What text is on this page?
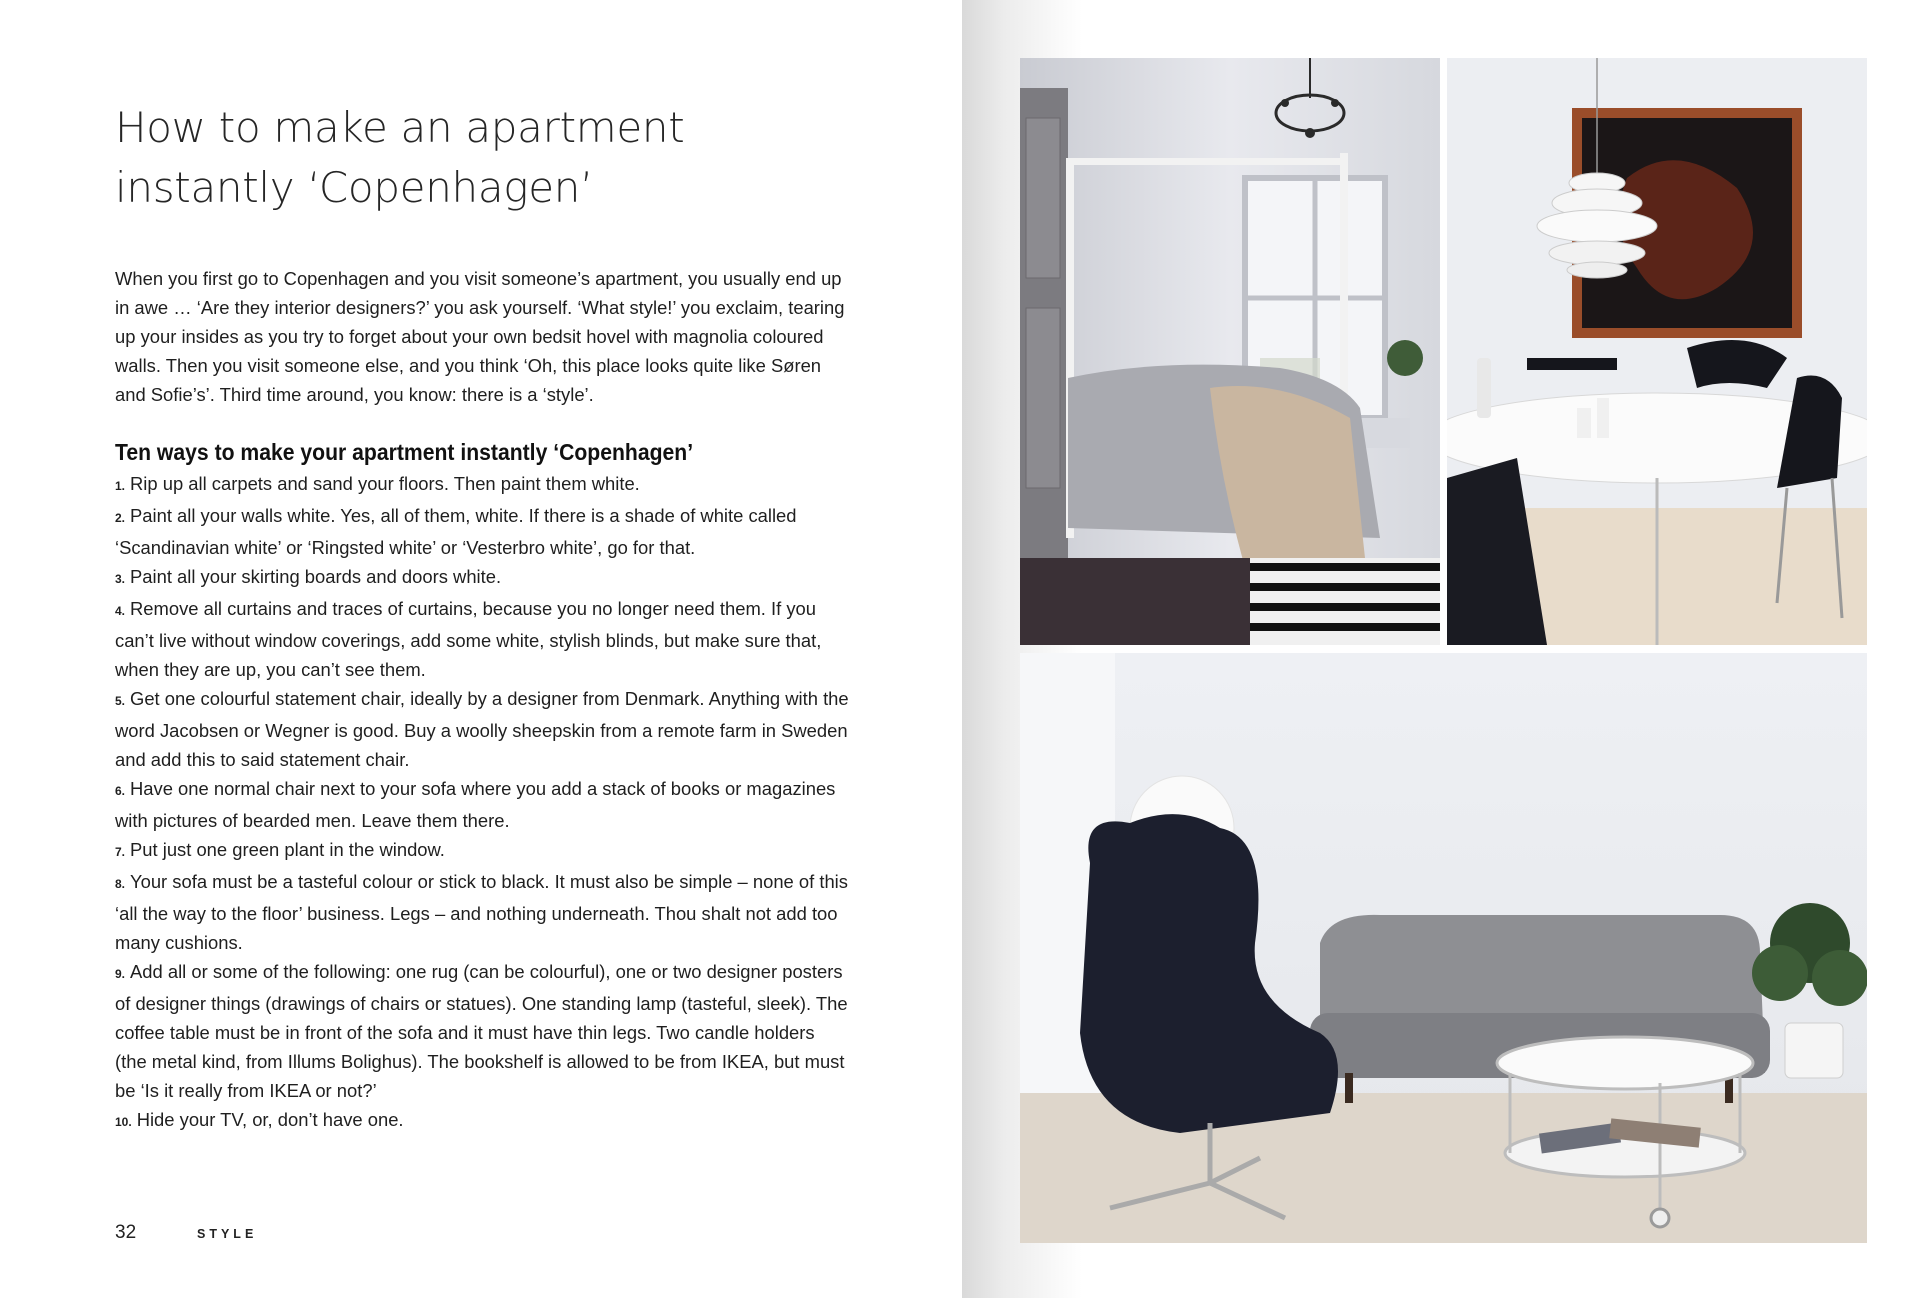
How to make an apartment
instantly ‘Copenhagen’

When you first go to Copenhagen and you visit someone’s apartment, you usually end up in awe … ‘Are they interior designers?’ you ask yourself. ‘What style!’ you exclaim, tearing up your insides as you try to forget about your own bedsit hovel with magnolia coloured walls. Then you visit someone else, and you think ‘Oh, this place looks quite like Søren and Sofie’s’. Third time around, you know: there is a ‘style’.

Ten ways to make your apartment instantly ‘Copenhagen’
1. Rip up all carpets and sand your floors. Then paint them white.
2. Paint all your walls white. Yes, all of them, white. If there is a shade of white called ‘Scandinavian white’ or ‘Ringsted white’ or ‘Vesterbro white’, go for that.
3. Paint all your skirting boards and doors white.
4. Remove all curtains and traces of curtains, because you no longer need them. If you can’t live without window coverings, add some white, stylish blinds, but make sure that, when they are up, you can’t see them.
5. Get one colourful statement chair, ideally by a designer from Denmark. Anything with the word Jacobsen or Wegner is good. Buy a woolly sheepskin from a remote farm in Sweden and add this to said statement chair.
6. Have one normal chair next to your sofa where you add a stack of books or magazines with pictures of bearded men. Leave them there.
7. Put just one green plant in the window.
8. Your sofa must be a tasteful colour or stick to black. It must also be simple – none of this ‘all the way to the floor’ business. Legs – and nothing underneath. Thou shalt not add too many cushions.
9. Add all or some of the following: one rug (can be colourful), one or two designer posters of designer things (drawings of chairs or statues). One standing lamp (tasteful, sleek). The coffee table must be in front of the sofa and it must have thin legs. Two candle holders (the metal kind, from Illums Bolighus). The bookshelf is allowed to be from IKEA, but must be ‘Is it really from IKEA or not?’
10. Hide your TV, or, don’t have one.
32	STYLE
